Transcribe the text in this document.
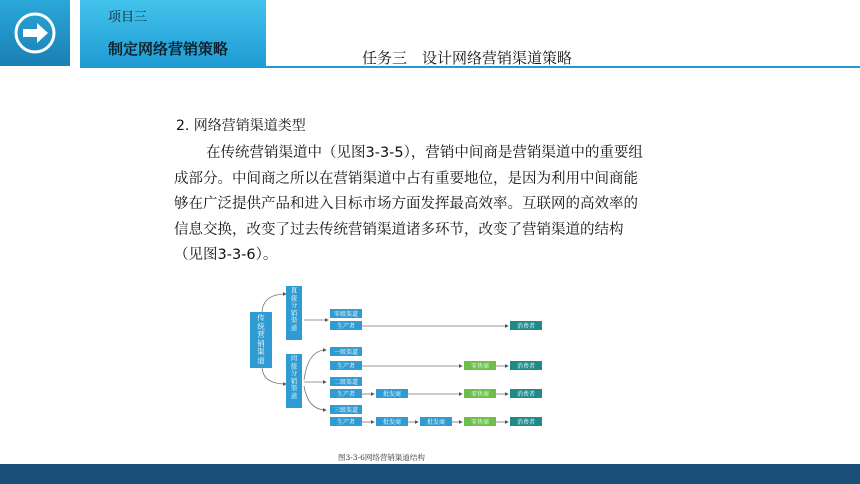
项目三
制定网络营销策略	任务三　设计网络营销渠道策略
2. 网络营销渠道类型
在传统营销渠道中（见图3-3-5），营销中间商是营销渠道中的重要组
成部分。中间商之所以在营销渠道中占有重要地位，是因为利用中间商能
够在广泛提供产品和进入目标市场方面发挥最高效率。互联网的高效率的
信息交换，改变了过去传统营销渠道诸多环节，改变了营销渠道的结构
（见图3-3-6）。
传统营销渠道
直接分销渠道
间接分销渠道
零级渠道
生产者	消费者
一级渠道
生产者	零售商	消费者
二级渠道
生产者	批发商	零售商	消费者
三级渠道
生产者	批发商	批发商	零售商	消费者
图3-3-6网络营销渠道结构
